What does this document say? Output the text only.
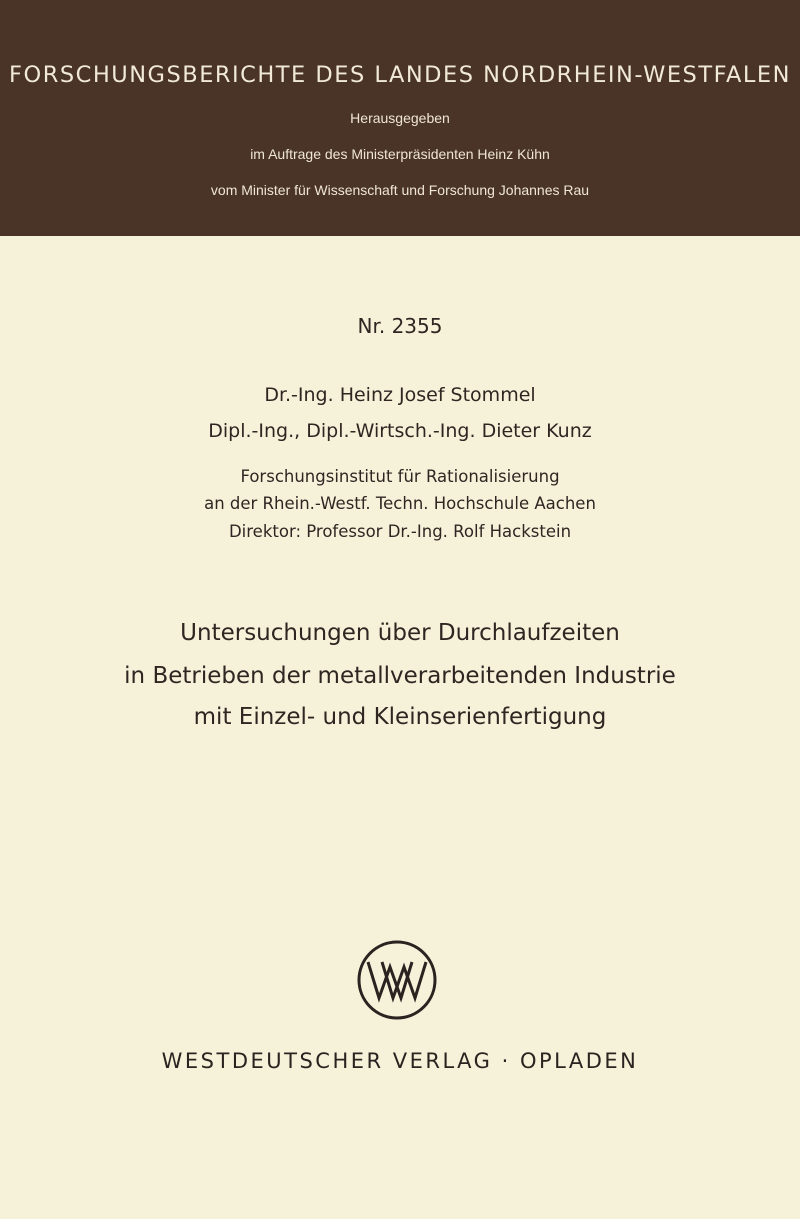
FORSCHUNGSBERICHTE DES LANDES NORDRHEIN-WESTFALEN
Herausgegeben
im Auftrage des Ministerpräsidenten Heinz Kühn
vom Minister für Wissenschaft und Forschung Johannes Rau
Nr. 2355
Dr.-Ing. Heinz Josef Stommel
Dipl.-Ing., Dipl.-Wirtsch.-Ing. Dieter Kunz
Forschungsinstitut für Rationalisierung
an der Rhein.-Westf. Techn. Hochschule Aachen
Direktor: Professor Dr.-Ing. Rolf Hackstein
Untersuchungen über Durchlaufzeiten
in Betrieben der metallverarbeitenden Industrie
mit Einzel- und Kleinserienfertigung
WESTDEUTSCHER VERLAG · OPLADEN
